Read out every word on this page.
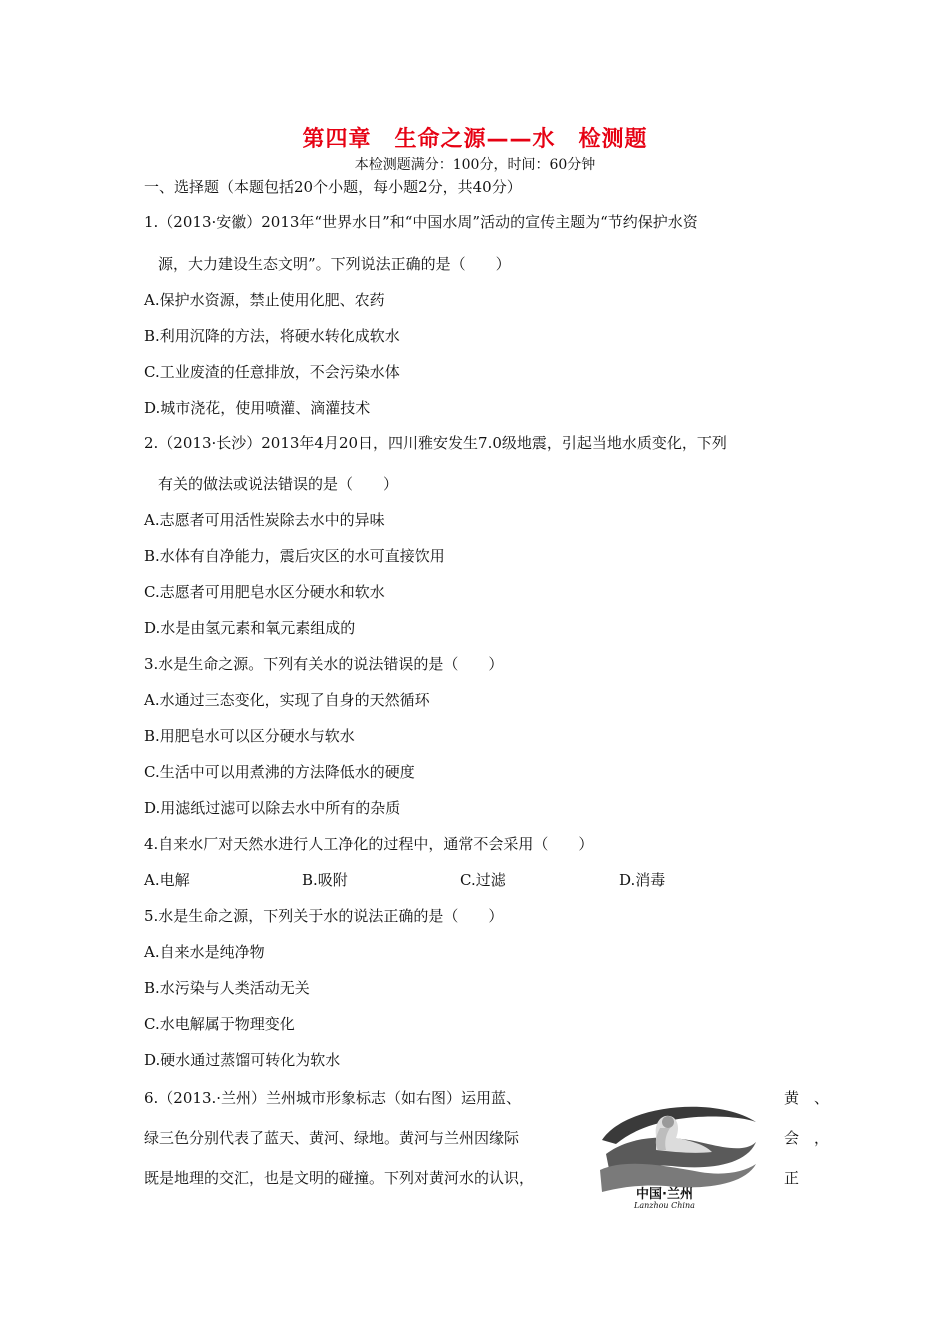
第四章　生命之源——水　检测题
本检测题满分：100分，时间：60分钟
一、选择题（本题包括20个小题，每小题2分，共40分）
1.（2013·安徽）2013年“世界水日”和“中国水周”活动的宣传主题为“节约保护水资
源，大力建设生态文明”。下列说法正确的是（　　）
A.保护水资源，禁止使用化肥、农药
B.利用沉降的方法，将硬水转化成软水
C.工业废渣的任意排放，不会污染水体
D.城市浇花，使用喷灌、滴灌技术
2.（2013·长沙）2013年4月20日，四川雅安发生7.0级地震，引起当地水质变化，下列
有关的做法或说法错误的是（　　）
A.志愿者可用活性炭除去水中的异味
B.水体有自净能力，震后灾区的水可直接饮用
C.志愿者可用肥皂水区分硬水和软水
D.水是由氢元素和氧元素组成的
3.水是生命之源。下列有关水的说法错误的是（　　）
A.水通过三态变化，实现了自身的天然循环
B.用肥皂水可以区分硬水与软水
C.生活中可以用煮沸的方法降低水的硬度
D.用滤纸过滤可以除去水中所有的杂质
4.自来水厂对天然水进行人工净化的过程中，通常不会采用（　　）
A.电解	B.吸附	C.过滤	D.消毒
5.水是生命之源，下列关于水的说法正确的是（　　）
A.自来水是纯净物
B.水污染与人类活动无关
C.水电解属于物理变化
D.硬水通过蒸馏可转化为软水
6.（2013.·兰州）兰州城市形象标志（如右图）运用蓝、	黄　、
绿三色分别代表了蓝天、黄河、绿地。黄河与兰州因缘际	会　，
既是地理的交汇，也是文明的碰撞。下列对黄河水的认识，	正
中国·兰州
Lanzhou China
